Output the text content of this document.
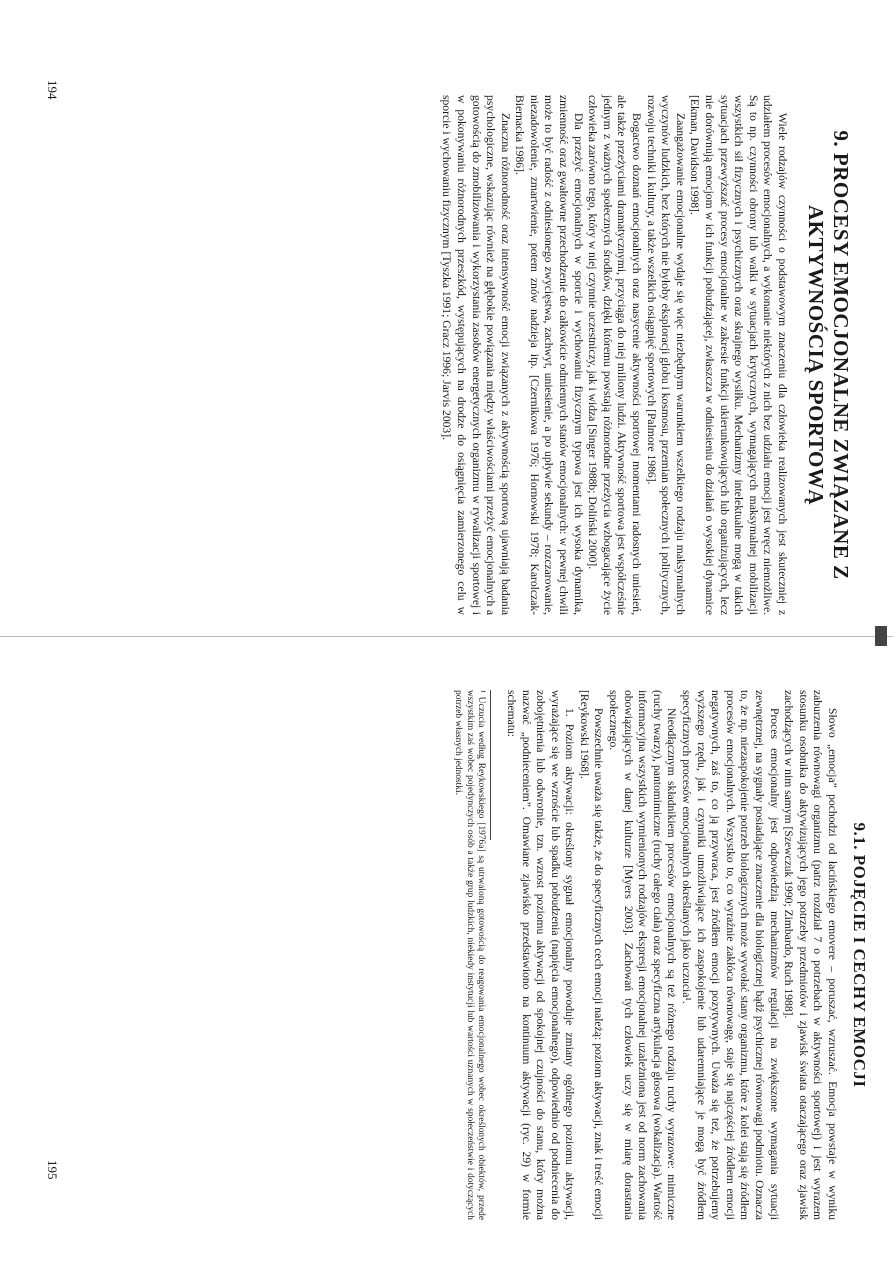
9. PROCESY EMOCJONALNE ZWIĄZANE Z AKTYWNOŚCIĄ SPORTOWĄ

Wiele rodzajów czynności o podstawowym znaczeniu dla człowieka realizowanych jest skuteczniej z udziałem procesów emocjonalnych, a wykonanie niektórych z nich bez udziału emocji jest wręcz niemożliwe. Są to np. czynności obrony lub walki w sytuacjach krytycznych, wymagających maksymalnej mobilizacji wszystkich sił fizycznych i psychicznych oraz skrajnego wysiłku. Mechanizmy intelektualne mogą w takich sytuacjach przewyższać procesy emocjonalne w zakresie funkcji ukierunkowujących lub organizujących, lecz nie dorównują emocjom w ich funkcji pobudzającej, zwłaszcza w odniesieniu do działań o wysokiej dynamice [Ekman, Davidson 1998].

Zaangażowanie emocjonalne wydaje się więc niezbędnym warunkiem wszelkiego rodzaju maksymalnych wyczynów ludzkich, bez których nie byłoby eksploracji globu i kosmosu, przemian społecznych i politycznych, rozwoju techniki i kultury, a także wszelkich osiągnięć sportowych [Palmore 1986].

Bogactwo doznań emocjonalnych oraz nasycenie aktywności sportowej momentami radosnych uniesień, ale także przeżyciami dramatycznymi, przyciąga do niej miliony ludzi. Aktywność sportowa jest współcześnie jednym z ważnych społecznych środków, dzięki któremu powstają różnorodne przeżycia wzbogacające życie człowieka zarówno tego, który w niej czynnie uczestniczy, jak i widza [Singer 1988b; Doliński 2000].

Dla przeżyć emocjonalnych w sporcie i wychowaniu fizycznym typowa jest ich wysoka dynamika, zmienność oraz gwałtowne przechodzenie do całkowicie odmiennych stanów emocjonalnych: w pewnej chwili może to być radość z odniesionego zwycięstwa, zachwyt, uniesienie, a po upływie sekundy – rozczarowanie, niezadowolenie, zmartwienie, potem znów nadzieja itp. [Czernikowa 1976; Hornowski 1978; Karolczak-Biernacka 1986].

Znaczna różnorodność oraz intensywność emocji związanych z aktywnością sportową ujawniają badania psychologiczne, wskazując również na głębokie powiązania między właściwościami przeżyć emocjonalnych a gotowością do zmobilizowania i wykorzystania zasobów energetycznych organizmu w rywalizacji sportowej i w pokonywaniu różnorodnych przeszkód, występujących na drodze do osiągnięcia zamierzonego celu w sporcie i wychowaniu fizycznym [Tyszka 1991; Gracz 1996; Jarvis 2003].

194
9.1. POJĘCIE I CECHY EMOCJI

Słowo „emocja” pochodzi od łacińskiego emovere – poruszać, wzruszać. Emocja powstaje w wyniku zaburzenia równowagi organizmu (patrz rozdział 7 o potrzebach w aktywności sportowej) i jest wyrazem stosunku osobnika do aktywizujących jego potrzeby przedmiotów i zjawisk świata otaczającego oraz zjawisk zachodzących w nim samym [Szewczuk 1990; Zimbardo, Ruch 1988].

Proces emocjonalny jest odpowiedzią mechanizmów regulacji na zwiększone wymagania sytuacji zewnętrznej, na sygnały posiadające znaczenie dla biologicznej bądź psychicznej równowagi podmiotu. Oznacza to, że np. niezaspokojenie potrzeb biologicznych może wywołać stany organizmu, które z kolei stają się źródłem procesów emocjonalnych. Wszystko to, co wyraźnie zakłóca równowagę, staje się najczęściej źródłem emocji negatywnych, zaś to, co ją przywraca, jest źródłem emocji pozytywnych. Uważa się też, że potrzebujemy wyższego rzędu, jak i czynniki umożliwiające ich zaspokojenie lub udaremniające je mogą być źródłem specyficznych procesów emocjonalnych określanych jako uczucia¹.

Nieodłącznym składnikiem procesów emocjonalnych są też różnego rodzaju ruchy wyrazowe: mimiczne (ruchy twarzy), pantomimiczne (ruchy całego ciała) oraz specyficzna artykulacja głosowa (wokalizacja). Wartość informacyjna wszystkich wymienionych rodzajów ekspresji emocjonalnej uzależniona jest od norm zachowania obowiązujących w danej kulturze [Myers 2003]. Zachowań tych człowiek uczy się w miarę dorastania społecznego.

Powszechnie uważa się także, że do specyficznych cech emocji należą: poziom aktywacji, znak i treść emocji [Reykowski 1968].

1. Poziom aktywacji: określony sygnał emocjonalny powoduje zmiany ogólnego poziomu aktywacji, wyrażające się we wzroście lub spadku pobudzenia (napięcia emocjonalnego), odpowiednio od podniecenia do zobojętnienia lub odwrotnie, tzn. wzrost poziomu aktywacji od spokojnej czujności do stanu, który można nazwać „podnieceniem”. Omawiane zjawisko przedstawiono na kontinuum aktywacji (ryc. 29) w formie schematu:

¹ Uczucia według Reykowskiego [1976a] są utrwaloną gotowością do reagowania emocjonalnego wobec określonych obiektów, przede wszystkim zaś wobec pojedynczych osób a także grup ludzkich, niekiedy instytucji lub wartości uznanych w społeczeństwie i dotyczących potrzeb własnych jednostki.

195
